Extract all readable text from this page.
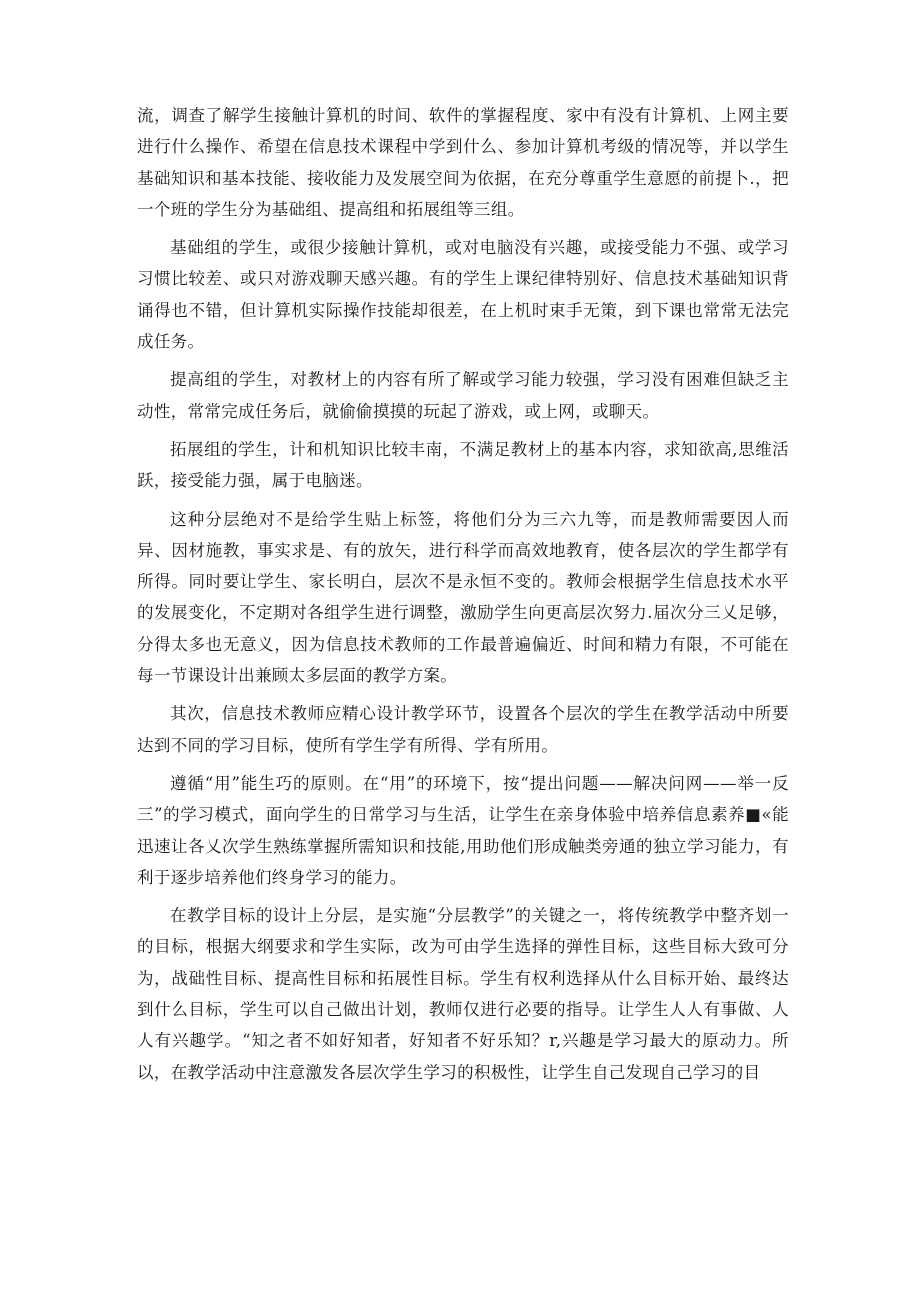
流，调查了解学生接触计算机的时间、软件的掌握程度、家中有没有计算机、上网主要进行什么操作、希望在信息技术课程中学到什么、参加计算机考级的情况等，并以学生基础知识和基本技能、接收能力及发展空间为依据，在充分尊重学生意愿的前提卜.，把一个班的学生分为基础组、提高组和拓展组等三组。

基础组的学生，或很少接触计算机，或对电脑没有兴趣，或接受能力不强、或学习习惯比较差、或只对游戏聊天感兴趣。有的学生上课纪律特别好、信息技术基础知识背诵得也不错，但计算机实际操作技能却很差，在上机时束手无策，到下课也常常无法完成任务。

提高组的学生，对教材上的内容有所了解或学习能力较强，学习没有困难但缺乏主动性，常常完成任务后，就偷偷摸摸的玩起了游戏，或上网，或聊天。

拓展组的学生，计和机知识比较丰南，不满足教材上的基本内容，求知欲高,思维活跃，接受能力强，属于电脑迷。

这种分层绝对不是给学生贴上标签，将他们分为三六九等，而是教师需要因人而异、因材施教，事实求是、有的放矢，进行科学而高效地教育，使各层次的学生都学有所得。同时要让学生、家长明白，层次不是永恒不变的。教师会根据学生信息技术水平的发展变化，不定期对各组学生进行调整，激励学生向更高层次努力.届次分三乂足够，分得太多也无意义，因为信息技术教师的工作最普遍偏近、时间和精力有限，不可能在每一节课设计出兼顾太多层面的教学方案。

其次，信息技术教师应精心设计教学环节，设置各个层次的学生在教学活动中所要达到不同的学习目标，使所有学生学有所得、学有所用。

遵循“用”能生巧的原则。在“用”的环境下，按“提出问题——解决问网——举一反三”的学习模式，面向学生的日常学习与生活，让学生在亲身体验中培养信息素养■«能迅速让各乂次学生熟练掌握所需知识和技能,用助他们形成触类旁通的独立学习能力，有利于逐步培养他们终身学习的能力。

在教学目标的设计上分层，是实施“分层教学”的关键之一，将传统教学中整齐划一的目标，根据大纲要求和学生实际，改为可由学生选择的弹性目标，这些目标大致可分为，战础性目标、提高性目标和拓展性目标。学生有权利选择从什么目标开始、最终达到什么目标，学生可以自己做出计划，教师仅进行必要的指导。让学生人人有事做、人人有兴趣学。“知之者不如好知者，好知者不好乐知？r,兴趣是学习最大的原动力。所以，在教学活动中注意激发各层次学生学习的积极性，让学生自己发现自己学习的目
